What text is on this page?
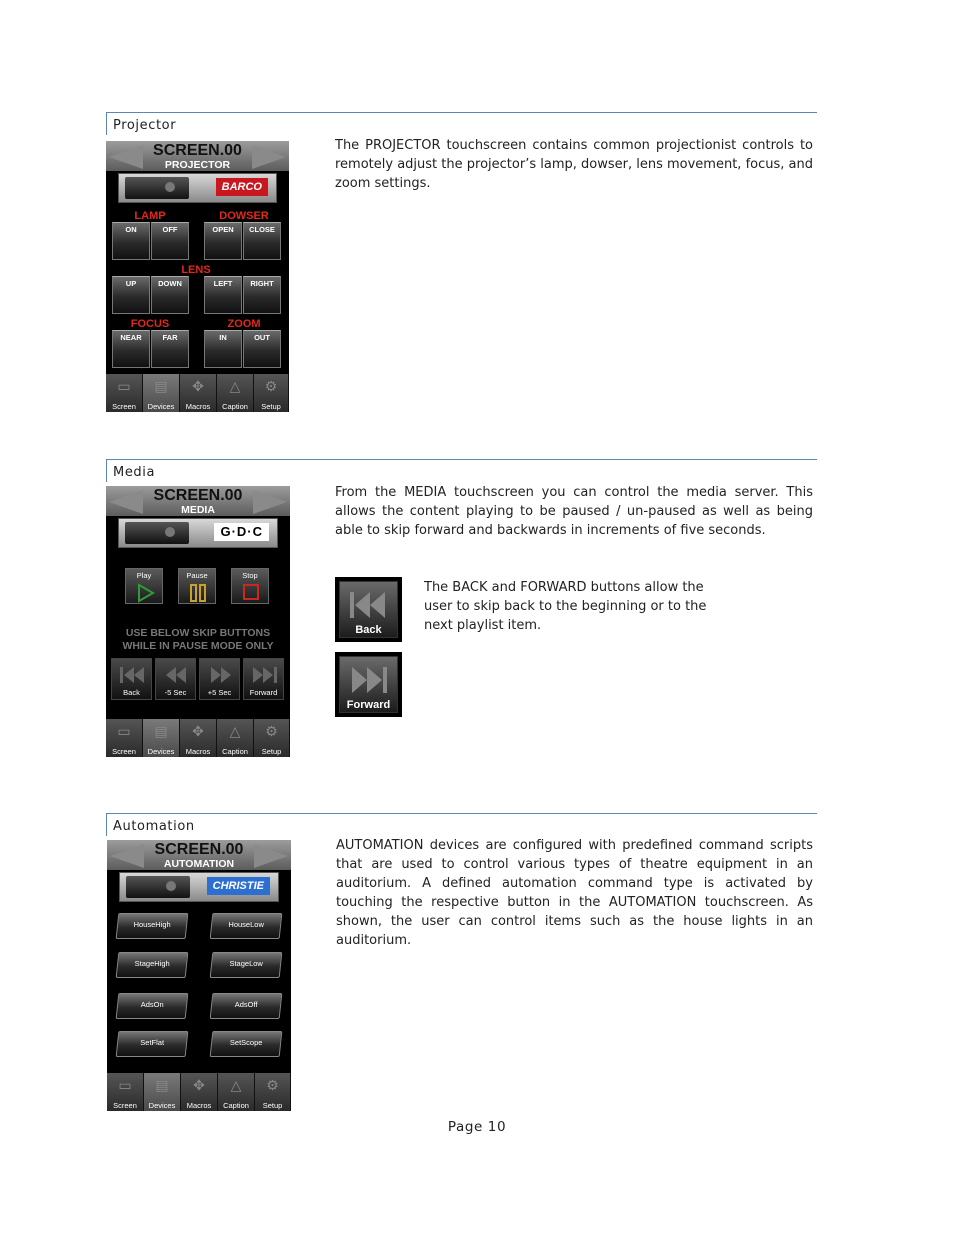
Projector
SCREEN.00
PROJECTOR
BARCO
LAMP	DOWSER
ON	OFF	OPEN	CLOSE
LENS
UP	DOWN	LEFT	RIGHT
FOCUS	ZOOM
NEAR	FAR	IN	OUT
▭
Screen
▤
Devices
✥
Macros
△
Caption
⚙
Setup
The PROJECTOR touchscreen contains common projectionist controls to remotely adjust the projector’s lamp, dowser, lens movement, focus, and zoom settings.
Media
SCREEN.00
MEDIA
G·D·C
Play	Pause	Stop
USE BELOW SKIP BUTTONS
WHILE IN PAUSE MODE ONLY
Back	-5 Sec	+5 Sec	Forward
▭
Screen
▤
Devices
✥
Macros
△
Caption
⚙
Setup
From the MEDIA touchscreen you can control the media server. This allows the content playing to be paused / un-paused as well as being able to skip forward and backwards in increments of five seconds.
Back
Forward
The BACK and FORWARD buttons allow the user to skip back to the beginning or to the next playlist item.
Automation
SCREEN.00
AUTOMATION
CHRISTIE
HouseHigh	HouseLow
StageHigh	StageLow
AdsOn	AdsOff
SetFlat	SetScope
▭
Screen
▤
Devices
✥
Macros
△
Caption
⚙
Setup
AUTOMATION devices are configured with predefined command scripts that are used to control various types of theatre equipment in an auditorium. A defined automation command type is activated by touching the respective button in the AUTOMATION touchscreen. As shown, the user can control items such as the house lights in an auditorium.
Page 10
